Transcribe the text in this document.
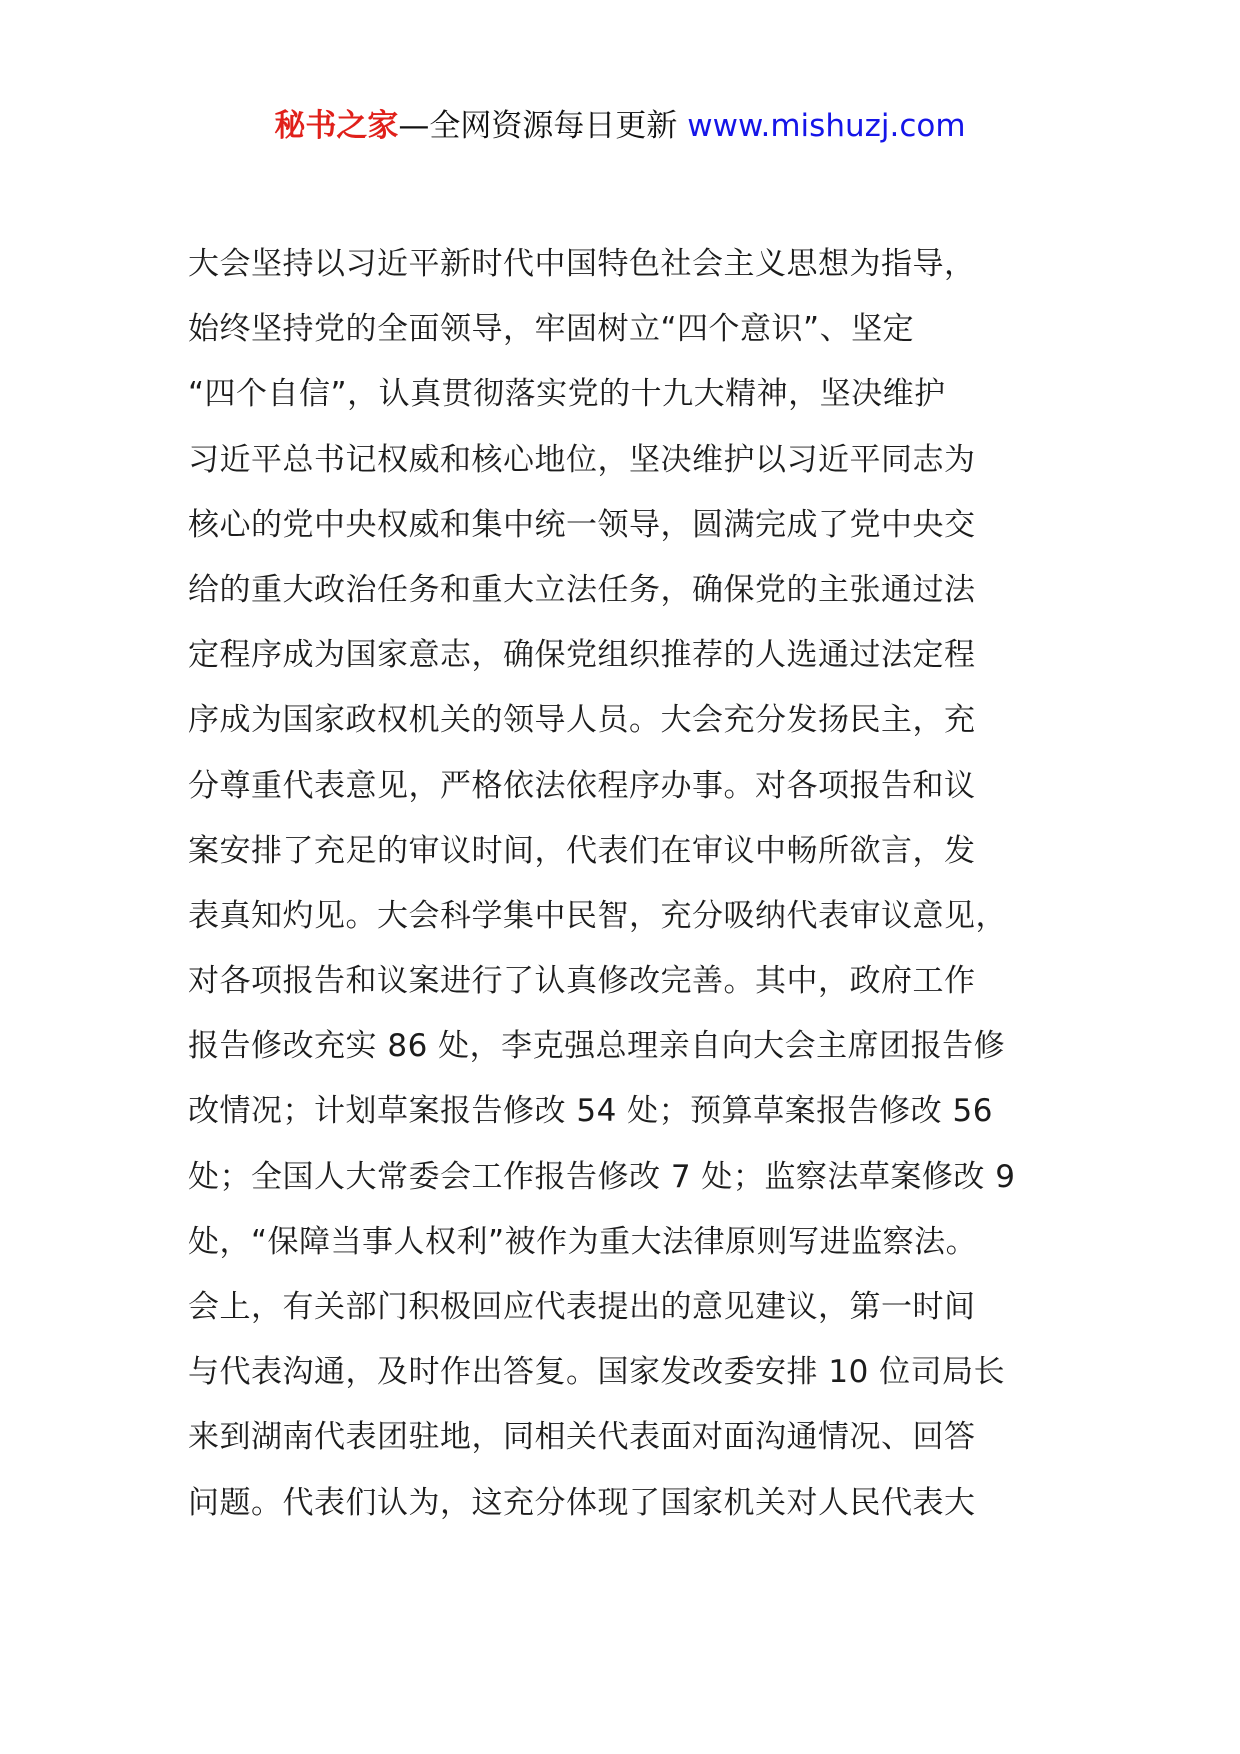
秘书之家—全网资源每日更新 www.mishuzj.com
大会坚持以习近平新时代中国特色社会主义思想为指导，
始终坚持党的全面领导，牢固树立“四个意识”、坚定
“四个自信”，认真贯彻落实党的十九大精神，坚决维护
习近平总书记权威和核心地位，坚决维护以习近平同志为
核心的党中央权威和集中统一领导，圆满完成了党中央交
给的重大政治任务和重大立法任务，确保党的主张通过法
定程序成为国家意志，确保党组织推荐的人选通过法定程
序成为国家政权机关的领导人员。大会充分发扬民主，充
分尊重代表意见，严格依法依程序办事。对各项报告和议
案安排了充足的审议时间，代表们在审议中畅所欲言，发
表真知灼见。大会科学集中民智，充分吸纳代表审议意见，
对各项报告和议案进行了认真修改完善。其中，政府工作
报告修改充实 86 处，李克强总理亲自向大会主席团报告修
改情况；计划草案报告修改 54 处；预算草案报告修改 56
处；全国人大常委会工作报告修改 7 处；监察法草案修改 9
处，“保障当事人权利”被作为重大法律原则写进监察法。
会上，有关部门积极回应代表提出的意见建议，第一时间
与代表沟通，及时作出答复。国家发改委安排 10 位司局长
来到湖南代表团驻地，同相关代表面对面沟通情况、回答
问题。代表们认为，这充分体现了国家机关对人民代表大
